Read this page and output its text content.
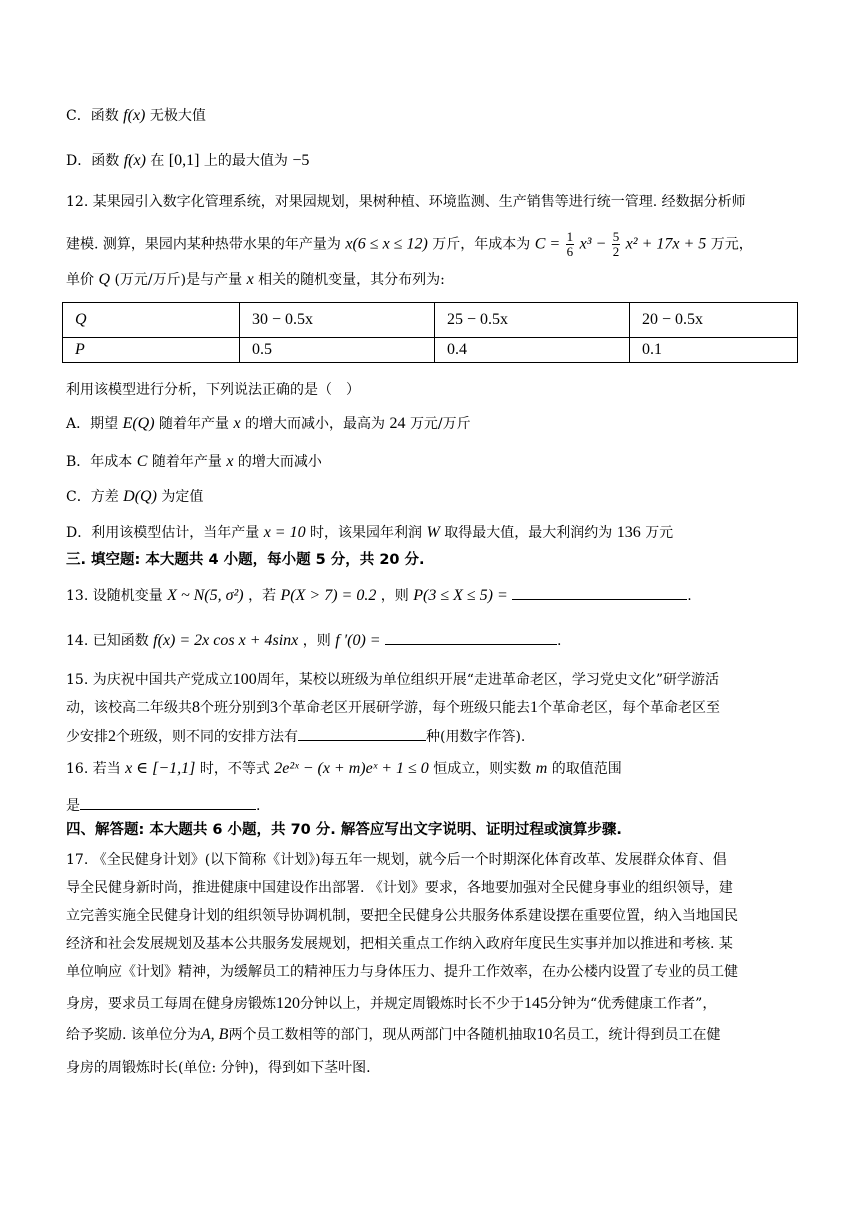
C．函数 f(x) 无极大值
D．函数 f(x) 在 [0,1] 上的最大值为 −5
12. 某果园引入数字化管理系统，对果园规划，果树种植、环境监测、生产销售等进行统一管理. 经数据分析师
建模. 测算，果园内某种热带水果的年产量为 x(6 ≤ x ≤ 12) 万斤，年成本为 $C = \frac{1}{6} x^3 - \frac{5}{2} x^2 + 17x + 5$ 万元，
单价 Q (万元/万斤)是与产量 x 相关的随机变量，其分布列为:
Q	30 − 0.5x	25 − 0.5x	20 − 0.5x
P	0.5	0.4	0.1
利用该模型进行分析，下列说法正确的是（　）
A．期望 E(Q) 随着年产量 x 的增大而减小，最高为 24 万元/万斤
B．年成本 C 随着年产量 x 的增大而减小
C．方差 D(Q) 为定值
D．利用该模型估计，当年产量 x = 10 时，该果园年利润 W 取得最大值，最大利润约为 136 万元
三. 填空题: 本大题共 4 小题，每小题 5 分，共 20 分.
13. 设随机变量 X ~ N(5, σ²) ，若 P(X > 7) = 0.2 ，则 P(3 ≤ X ≤ 5) =	.
14. 已知函数 f(x) = 2x cos x + 4sinx ，则 f ′(0) =	.
15. 为庆祝中国共产党成立100周年，某校以班级为单位组织开展“走进革命老区，学习党史文化”研学游活
动，该校高二年级共8个班分别到3个革命老区开展研学游，每个班级只能去1个革命老区，每个革命老区至
少安排2个班级，则不同的安排方法有	种(用数字作答).
16. 若当 x ∈ [−1,1] 时，不等式 2e²ˣ − (x + m)eˣ + 1 ≤ 0 恒成立，则实数 m 的取值范围
是	.
四、解答题: 本大题共 6 小题，共 70 分. 解答应写出文字说明、证明过程或演算步骤.
17. 《全民健身计划》(以下简称《计划》)每五年一规划，就今后一个时期深化体育改革、发展群众体育、倡
导全民健身新时尚，推进健康中国建设作出部署. 《计划》要求，各地要加强对全民健身事业的组织领导，建
立完善实施全民健身计划的组织领导协调机制，要把全民健身公共服务体系建设摆在重要位置，纳入当地国民
经济和社会发展规划及基本公共服务发展规划，把相关重点工作纳入政府年度民生实事并加以推进和考核. 某
单位响应《计划》精神，为缓解员工的精神压力与身体压力、提升工作效率，在办公楼内设置了专业的员工健
身房，要求员工每周在健身房锻炼120分钟以上，并规定周锻炼时长不少于145分钟为“优秀健康工作者”，
给予奖励. 该单位分为A, B两个员工数相等的部门，现从两部门中各随机抽取10名员工，统计得到员工在健
身房的周锻炼时长(单位: 分钟)，得到如下茎叶图.
